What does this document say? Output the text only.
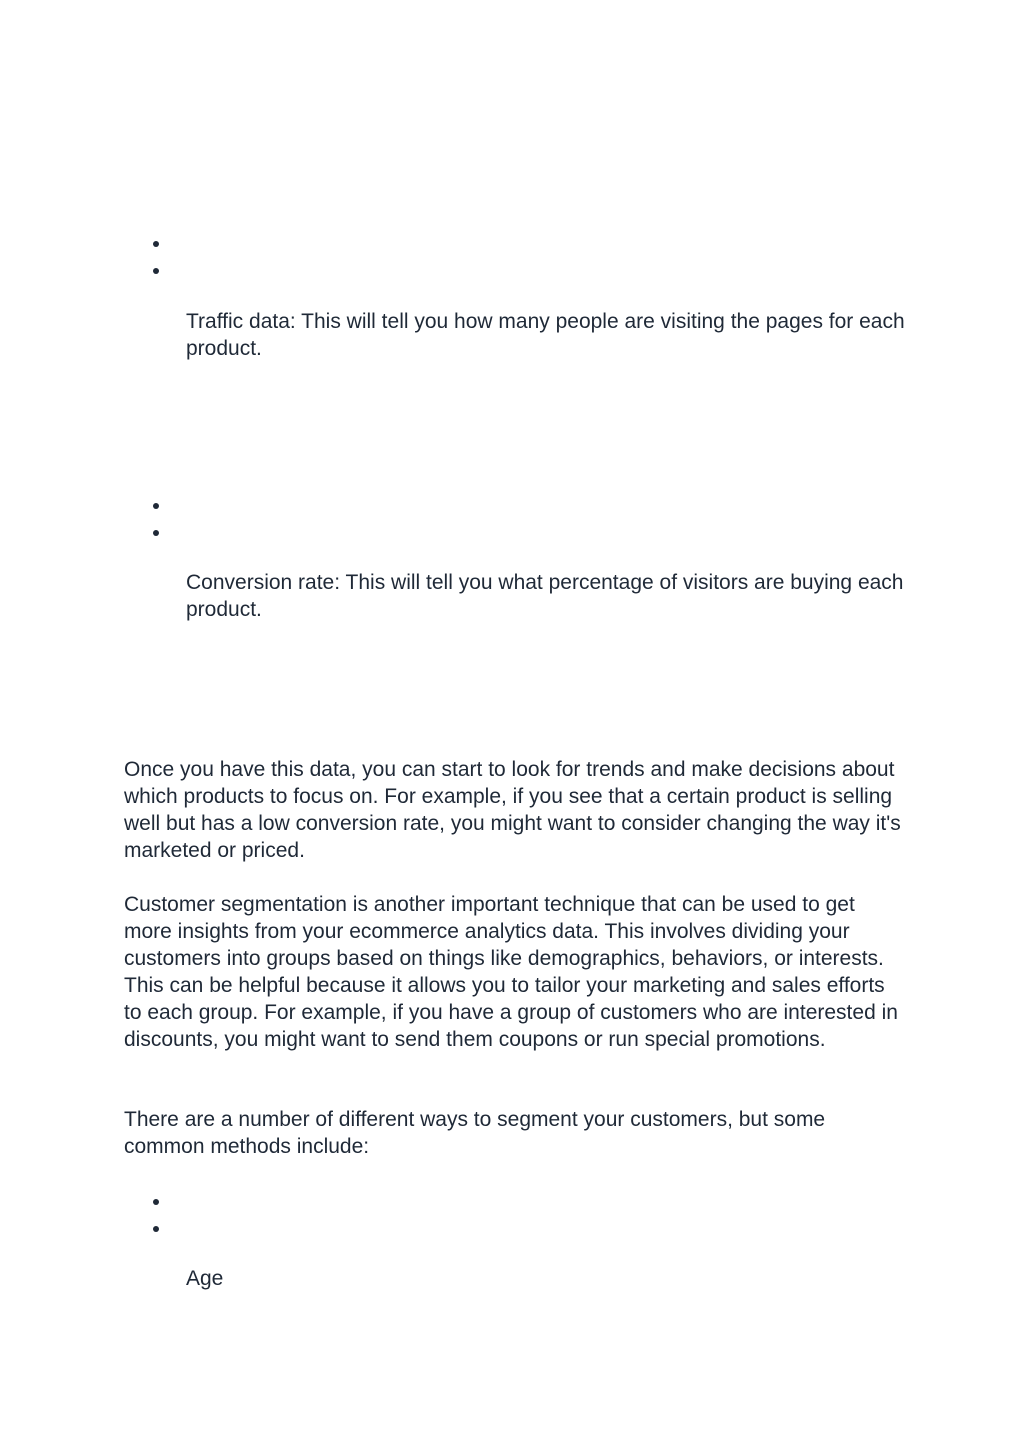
Traffic data: This will tell you how many people are visiting the pages for each product.

Conversion rate: This will tell you what percentage of visitors are buying each product.

Once you have this data, you can start to look for trends and make decisions about which products to focus on. For example, if you see that a certain product is selling well but has a low conversion rate, you might want to consider changing the way it's marketed or priced.

Customer segmentation is another important technique that can be used to get more insights from your ecommerce analytics data. This involves dividing your customers into groups based on things like demographics, behaviors, or interests. This can be helpful because it allows you to tailor your marketing and sales efforts to each group. For example, if you have a group of customers who are interested in discounts, you might want to send them coupons or run special promotions.

There are a number of different ways to segment your customers, but some common methods include:

Age
